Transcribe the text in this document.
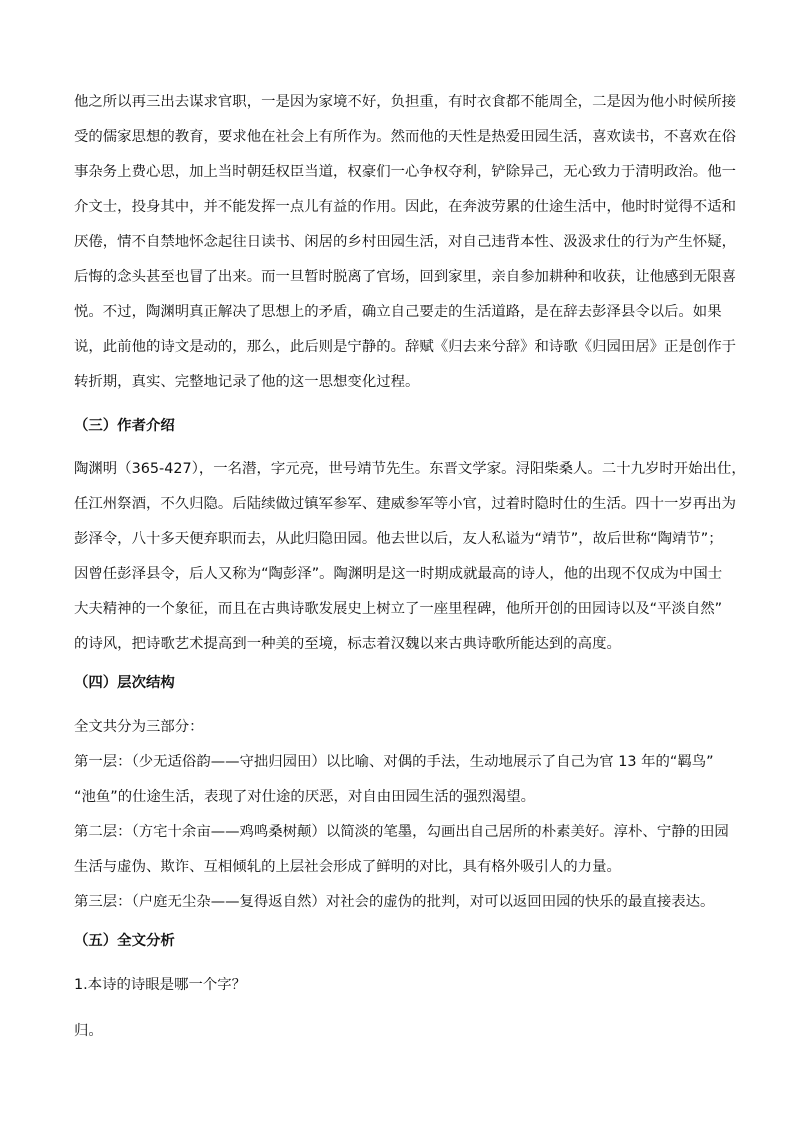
他之所以再三出去谋求官职，一是因为家境不好，负担重，有时衣食都不能周全，二是因为他小时候所接
受的儒家思想的教育，要求他在社会上有所作为。然而他的天性是热爱田园生活，喜欢读书，不喜欢在俗
事杂务上费心思，加上当时朝廷权臣当道，权豪们一心争权夺利，铲除异己，无心致力于清明政治。他一
介文士，投身其中，并不能发挥一点儿有益的作用。因此，在奔波劳累的仕途生活中，他时时觉得不适和
厌倦，情不自禁地怀念起往日读书、闲居的乡村田园生活，对自己违背本性、汲汲求仕的行为产生怀疑，
后悔的念头甚至也冒了出来。而一旦暂时脱离了官场，回到家里，亲自参加耕种和收获，让他感到无限喜
悦。不过，陶渊明真正解决了思想上的矛盾，确立自己要走的生活道路，是在辞去彭泽县令以后。如果
说，此前他的诗文是动的，那么，此后则是宁静的。辞赋《归去来兮辞》和诗歌《归园田居》正是创作于
转折期，真实、完整地记录了他的这一思想变化过程。
（三）作者介绍
陶渊明（365-427），一名潜，字元亮，世号靖节先生。东晋文学家。浔阳柴桑人。二十九岁时开始出仕，
任江州祭酒，不久归隐。后陆续做过镇军参军、建威参军等小官，过着时隐时仕的生活。四十一岁再出为
彭泽令，八十多天便弃职而去，从此归隐田园。他去世以后，友人私谥为“靖节”，故后世称“陶靖节”；
因曾任彭泽县令，后人又称为“陶彭泽”。陶渊明是这一时期成就最高的诗人，他的出现不仅成为中国士
大夫精神的一个象征，而且在古典诗歌发展史上树立了一座里程碑，他所开创的田园诗以及“平淡自然”
的诗风，把诗歌艺术提高到一种美的至境，标志着汉魏以来古典诗歌所能达到的高度。
（四）层次结构
全文共分为三部分：
第一层：（少无适俗韵——守拙归园田）以比喻、对偶的手法，生动地展示了自己为官 13 年的“羁鸟”
“池鱼”的仕途生活，表现了对仕途的厌恶，对自由田园生活的强烈渴望。
第二层：（方宅十余亩——鸡鸣桑树颠）以简淡的笔墨，勾画出自己居所的朴素美好。淳朴、宁静的田园
生活与虚伪、欺诈、互相倾轧的上层社会形成了鲜明的对比，具有格外吸引人的力量。
第三层：（户庭无尘杂——复得返自然）对社会的虚伪的批判，对可以返回田园的快乐的最直接表达。
（五）全文分析
1.本诗的诗眼是哪一个字？
归。
